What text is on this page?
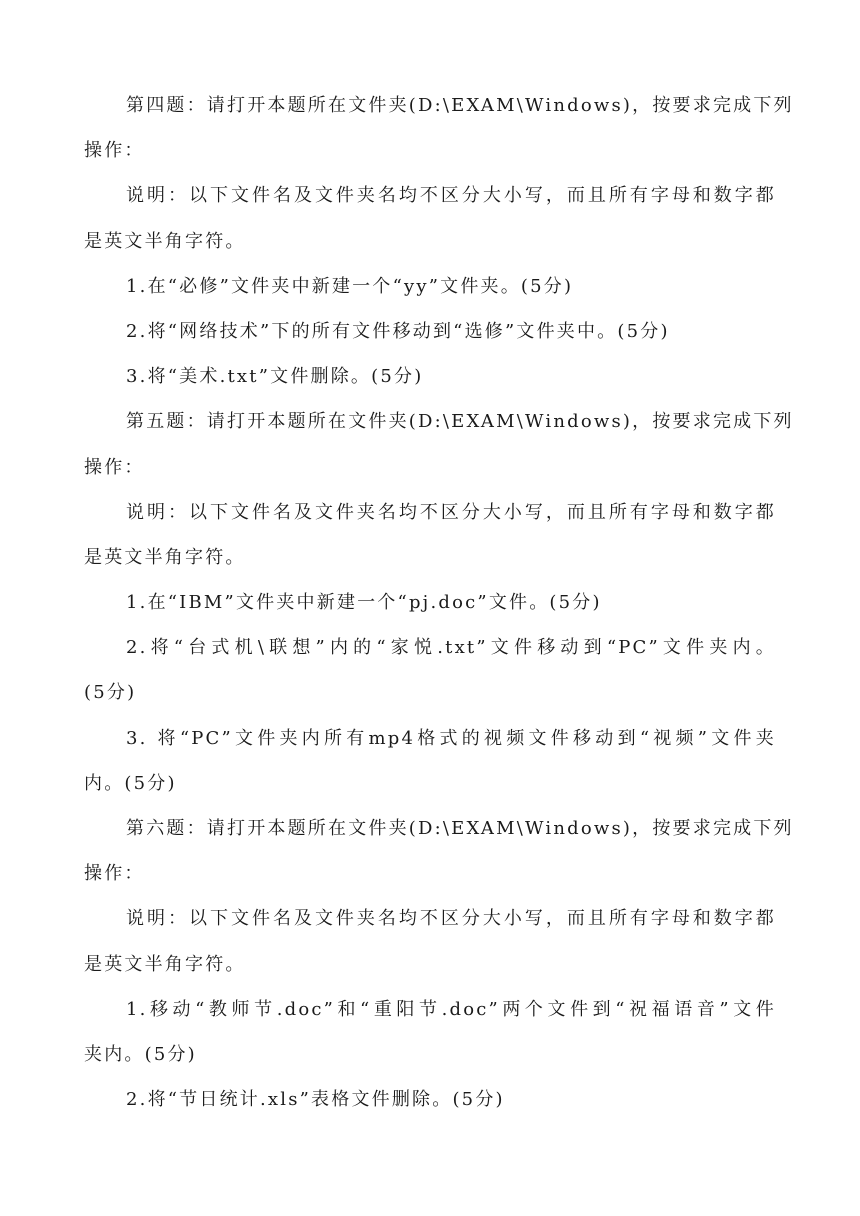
第四题：请打开本题所在文件夹(D:\EXAM\Windows)，按要求完成下列
操作：
说明：以下文件名及文件夹名均不区分大小写，而且所有字母和数字都
是英文半角字符。
1.在“必修”文件夹中新建一个“yy”文件夹。(5分)
2.将“网络技术”下的所有文件移动到“选修”文件夹中。(5分)
3.将“美术.txt”文件删除。(5分)
第五题：请打开本题所在文件夹(D:\EXAM\Windows)，按要求完成下列
操作：
说明：以下文件名及文件夹名均不区分大小写，而且所有字母和数字都
是英文半角字符。
1.在“IBM”文件夹中新建一个“pj.doc”文件。(5分)
2.将“台式机\联想”内的“家悦.txt”文件移动到“PC”文件夹内。
(5分)
3. 将“PC”文件夹内所有mp4格式的视频文件移动到“视频”文件夹
内。(5分)
第六题：请打开本题所在文件夹(D:\EXAM\Windows)，按要求完成下列
操作：
说明：以下文件名及文件夹名均不区分大小写，而且所有字母和数字都
是英文半角字符。
1.移动“教师节.doc”和“重阳节.doc”两个文件到“祝福语音”文件
夹内。(5分)
2.将“节日统计.xls”表格文件删除。(5分)
